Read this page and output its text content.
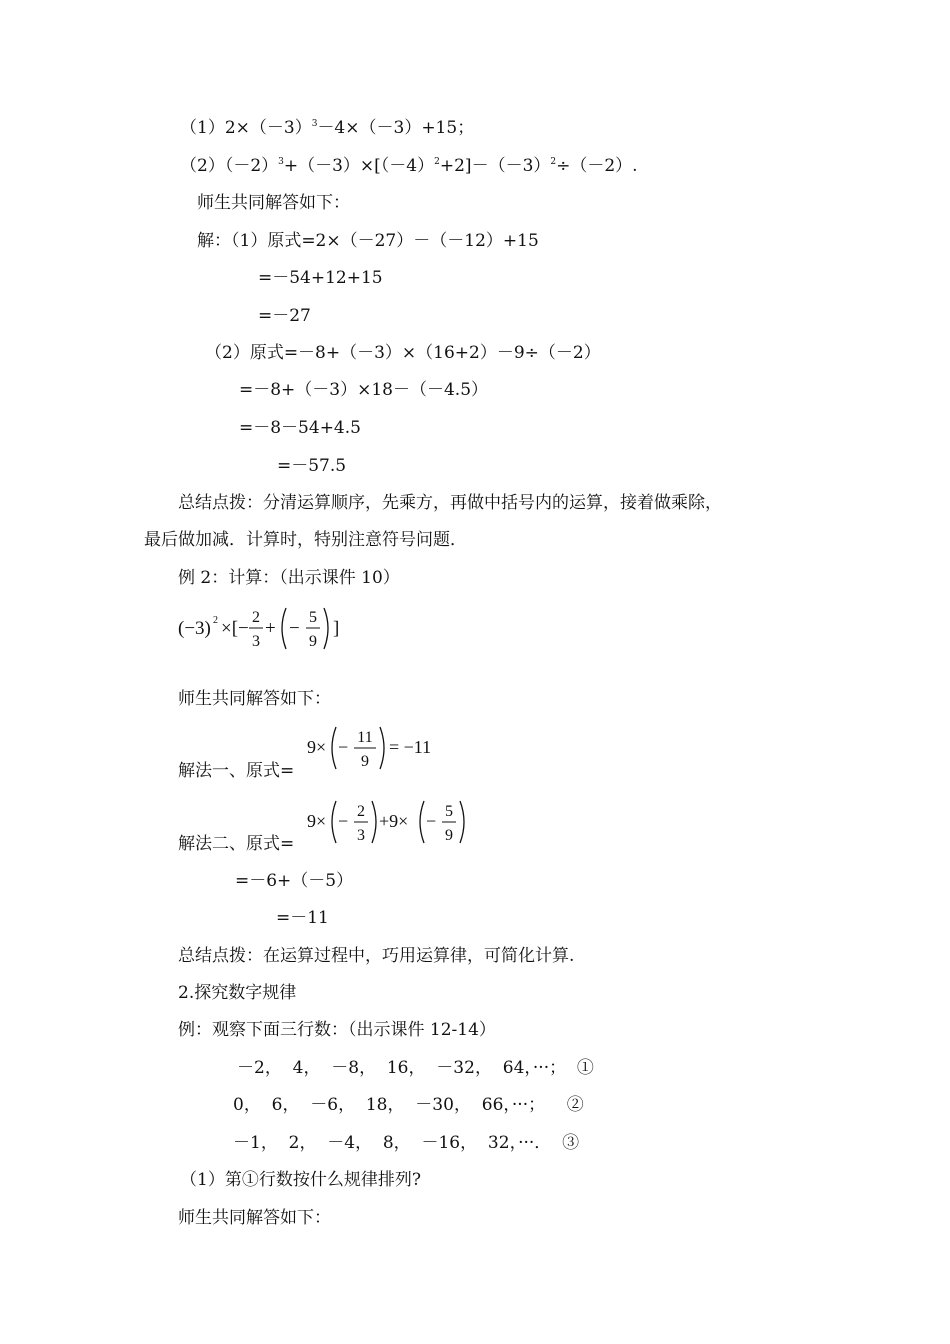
$(1)2\times(-3)^3-4\times(-3)+15$；
$(2)(-2)^3+(-3)\times[(-4)^2+2]-(-3)^2\div(-2)$.
师生共同解答如下：
解：（1）原式=2×（－27）－（－12）+15
=－54+12+15
=－27
（2）原式=－8+（－3）×（16+2）－9÷（－2）
=－8+（－3）×18－（－4.5）
=－8－54+4.5
=－57.5
总结点拨：分清运算顺序，先乘方，再做中括号内的运算，接着做乘除，
最后做加减．计算时，特别注意符号问题．
例 2：计算：（出示课件 10）
(−3) 2 ×[−
2
3
+ −
5
9
]
师生共同解答如下：
9× − 11
9
= −11
解法一、原式=
9× − 2
3
+9× − 5
9
解法二、原式=
=－6+（－5）
=－11
总结点拨：在运算过程中，巧用运算律，可简化计算.
2.探究数字规律
例：观察下面三行数：（出示课件 12-14）
－2，  4，  －8，  16，  －32，  64，···；  ①
0，  6，  －6，  18，  －30，  66，···；    ②
－1，  2，  －4，  8，  －16，  32，···．  ③
（1）第①行数按什么规律排列?
师生共同解答如下：
